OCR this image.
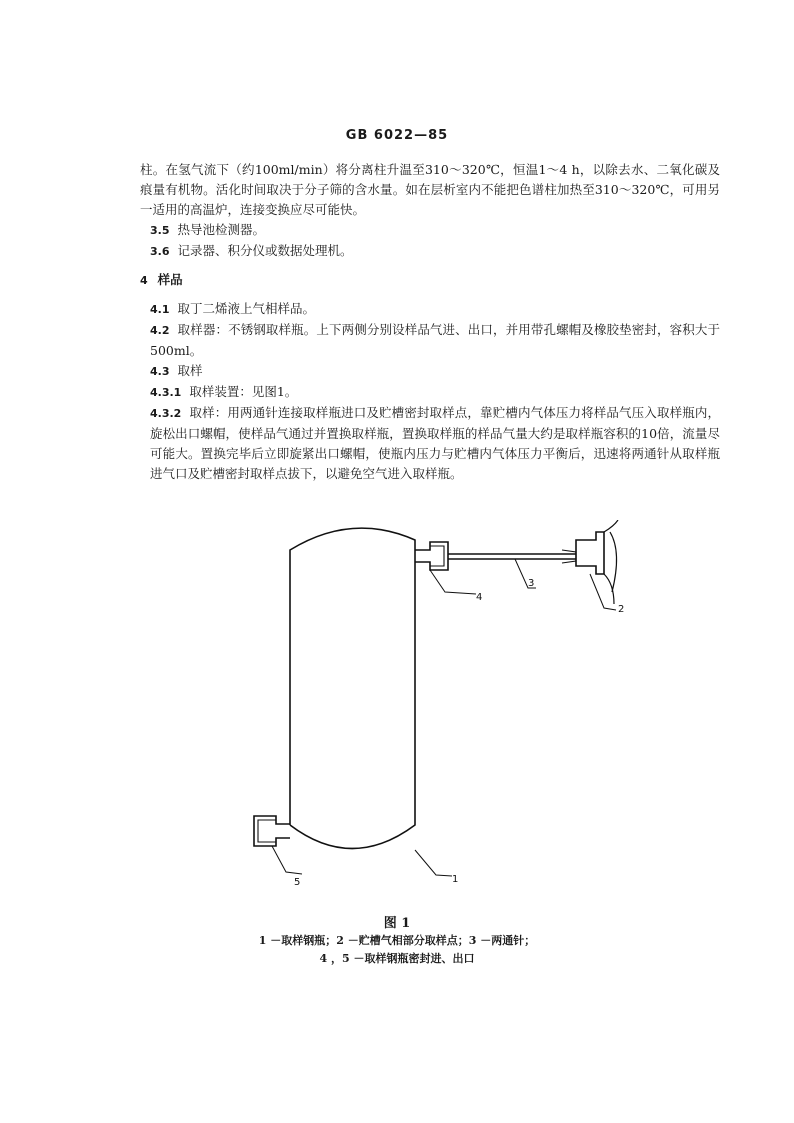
GB 6022—85

柱。在氢气流下（约100ml/min）将分离柱升温至310～320℃，恒温1～4 h，以除去水、二氧化碳及痕量有机物。活化时间取决于分子筛的含水量。如在层析室内不能把色谱柱加热至310～320℃，可用另一适用的高温炉，连接变换应尽可能快。

3.5 热导池检测器。

3.6 记录器、积分仪或数据处理机。

4 样品

4.1 取丁二烯液上气相样品。

4.2 取样器：不锈钢取样瓶。上下两侧分别设样品气进、出口，并用带孔螺帽及橡胶垫密封，容积大于500ml。

4.3 取样

4.3.1 取样装置：见图1。

4.3.2 取样：用两通针连接取样瓶进口及贮槽密封取样点，靠贮槽内气体压力将样品气压入取样瓶内，旋松出口螺帽，使样品气通过并置换取样瓶，置换取样瓶的样品气量大约是取样瓶容积的10倍，流量尽可能大。置换完毕后立即旋紧出口螺帽，使瓶内压力与贮槽内气体压力平衡后，迅速将两通针从取样瓶进气口及贮槽密封取样点拔下，以避免空气进入取样瓶。

4
3
2
5	1
图 1
1 －取样钢瓶；2 －贮槽气相部分取样点；3 －两通针；
4 ，5 －取样钢瓶密封进、出口
